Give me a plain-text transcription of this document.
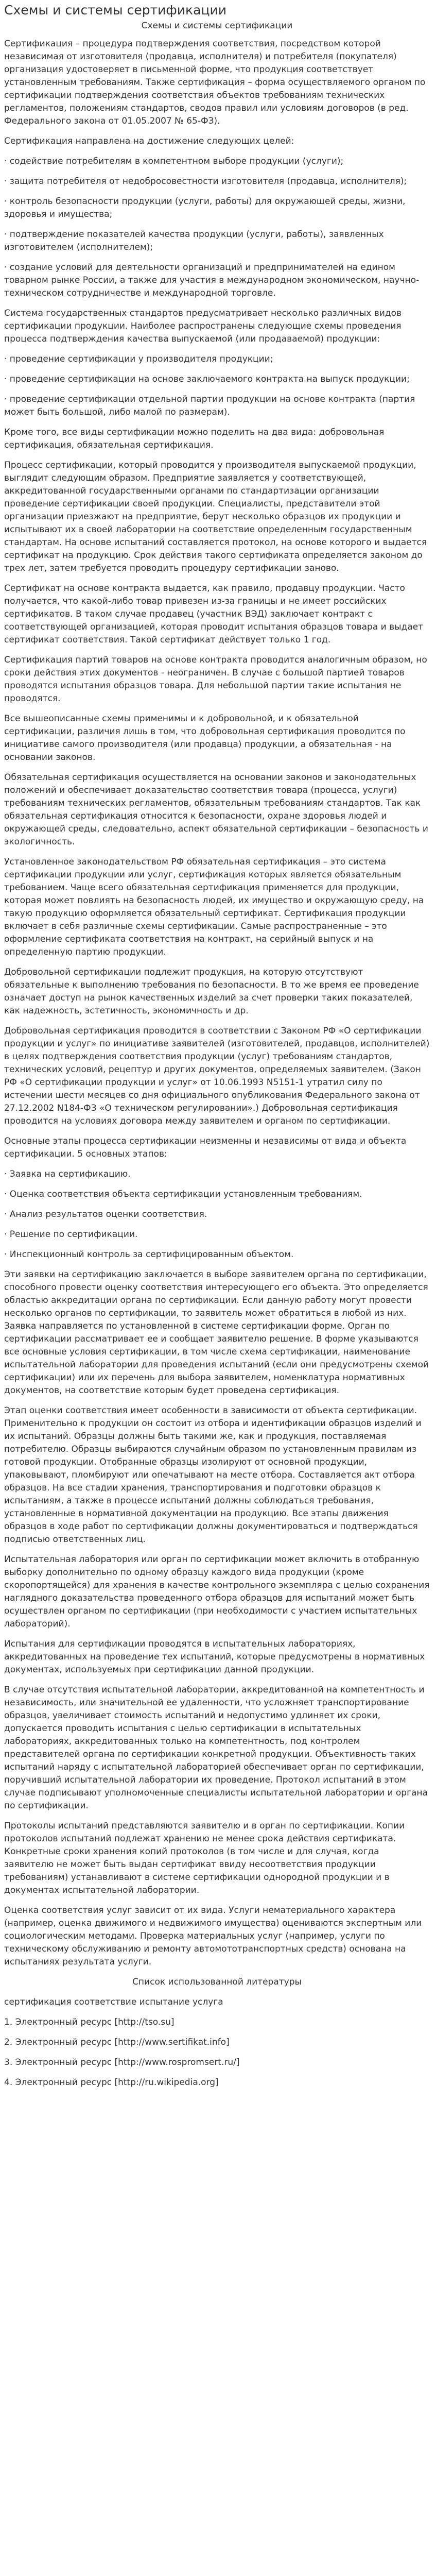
Схемы и системы сертификации

Схемы и системы сертификации

Сертификация – процедура подтверждения соответствия, посредством которой независимая от изготовителя (продавца, исполнителя) и потребителя (покупателя) организация удостоверяет в письменной форме, что продукция соответствует установленным требованиям. Также сертификация – форма осуществляемого органом по сертификации подтверждения соответствия объектов требованиям технических регламентов, положениям стандартов, сводов правил или условиям договоров (в ред. Федерального закона от 01.05.2007 № 65-ФЗ).

Сертификация направлена на достижение следующих целей:

· содействие потребителям в компетентном выборе продукции (услуги);

· защита потребителя от недобросовестности изготовителя (продавца, исполнителя);

· контроль безопасности продукции (услуги, работы) для окружающей среды, жизни, здоровья и имущества;

· подтверждение показателей качества продукции (услуги, работы), заявленных изготовителем (исполнителем);

· создание условий для деятельности организаций и предпринимателей на едином товарном рынке России, а также для участия в международном экономическом, научно-техническом сотрудничестве и международной торговле.

Система государственных стандартов предусматривает несколько различных видов сертификации продукции. Наиболее распространены следующие схемы проведения процесса подтверждения качества выпускаемой (или продаваемой) продукции:

· проведение сертификации у производителя продукции;

· проведение сертификации на основе заключаемого контракта на выпуск продукции;

· проведение сертификации отдельной партии продукции на основе контракта (партия может быть большой, либо малой по размерам).

Кроме того, все виды сертификации можно поделить на два вида: добровольная сертификация, обязательная сертификация.

Процесс сертификации, который проводится у производителя выпускаемой продукции, выглядит следующим образом. Предприятие заявляется у соответствующей, аккредитованной государственными органами по стандартизации организации проведение сертификации своей продукции. Специалисты, представители этой организации приезжают на предприятие, берут несколько образцов их продукции и испытывают их в своей лаборатории на соответствие определенным государственным стандартам. На основе испытаний составляется протокол, на основе которого и выдается сертификат на продукцию. Срок действия такого сертификата определяется законом до трех лет, затем требуется проводить процедуру сертификации заново.

Сертификат на основе контракта выдается, как правило, продавцу продукции. Часто получается, что какой-либо товар привезен из-за границы и не имеет российских сертификатов. В таком случае продавец (участник ВЭД) заключает контракт с соответствующей организацией, которая проводит испытания образцов товара и выдает сертификат соответствия. Такой сертификат действует только 1 год.

Сертификация партий товаров на основе контракта проводится аналогичным образом, но сроки действия этих документов - неограничен. В случае с большой партией товаров проводятся испытания образцов товара. Для небольшой партии такие испытания не проводятся.

Все вышеописанные схемы применимы и к добровольной, и к обязательной сертификации, различия лишь в том, что добровольная сертификация проводится по инициативе самого производителя (или продавца) продукции, а обязательная - на основании законов.

Обязательная сертификация осуществляется на основании законов и законодательных положений и обеспечивает доказательство соответствия товара (процесса, услуги) требованиям технических регламентов, обязательным требованиям стандартов. Так как обязательная сертификация относится к безопасности, охране здоровья людей и окружающей среды, следовательно, аспект обязательной сертификации – безопасность и экологичность.

Установленное законодательством РФ обязательная сертификация – это система сертификации продукции или услуг, сертификация которых является обязательным требованием. Чаще всего обязательная сертификация применяется для продукции, которая может повлиять на безопасность людей, их имущество и окружающую среду, на такую продукцию оформляется обязательный сертификат. Сертификация продукции включает в себя различные схемы сертификации. Самые распространенные – это оформление сертификата соответствия на контракт, на серийный выпуск и на определенную партию продукции.

Добровольной сертификации подлежит продукция, на которую отсутствуют обязательные к выполнению требования по безопасности. В то же время ее проведение означает доступ на рынок качественных изделий за счет проверки таких показателей, как надежность, эстетичность, экономичность и др.

Добровольная сертификация проводится в соответствии с Законом РФ «О сертификации продукции и услуг» по инициативе заявителей (изготовителей, продавцов, исполнителей) в целях подтверждения соответствия продукции (услуг) требованиям стандартов, технических условий, рецептур и других документов, определяемых заявителем. (Закон РФ «О сертификации продукции и услуг» от 10.06.1993 N5151-1 утратил силу по истечении шести месяцев со дня официального опубликования Федерального закона от 27.12.2002 N184-ФЗ «О техническом регулировании».) Добровольная сертификация проводится на условиях договора между заявителем и органом по сертификации.

Основные этапы процесса сертификации неизменны и независимы от вида и объекта сертификации. 5 основных этапов:

· Заявка на сертификацию.

· Оценка соответствия объекта сертификации установленным требованиям.

· Анализ результатов оценки соответствия.

· Решение по сертификации.

· Инспекционный контроль за сертифицированным объектом.

Эти заявки на сертификацию заключается в выборе заявителем органа по сертификации, способного провести оценку соответствия интересующего его объекта. Это определяется областью аккредитации органа по сертификации. Если данную работу могут провести несколько органов по сертификации, то заявитель может обратиться в любой из них. Заявка направляется по установленной в системе сертификации форме. Орган по сертификации рассматривает ее и сообщает заявителю решение. В форме указываются все основные условия сертификации, в том числе схема сертификации, наименование испытательной лаборатории для проведения испытаний (если они предусмотрены схемой сертификации) или их перечень для выбора заявителем, номенклатура нормативных документов, на соответствие которым будет проведена сертификация.

Этап оценки соответствия имеет особенности в зависимости от объекта сертификации. Применительно к продукции он состоит из отбора и идентификации образцов изделий и их испытаний. Образцы должны быть такими же, как и продукция, поставляемая потребителю. Образцы выбираются случайным образом по установленным правилам из готовой продукции. Отобранные образцы изолируют от основной продукции, упаковывают, пломбируют или опечатывают на месте отбора. Составляется акт отбора образцов. На все стадии хранения, транспортирования и подготовки образцов к испытаниям, а также в процессе испытаний должны соблюдаться требования, установленные в нормативной документации на продукцию. Все этапы движения образцов в ходе работ по сертификации должны документироваться и подтверждаться подписью ответственных лиц.

Испытательная лаборатория или орган по сертификации может включить в отобранную выборку дополнительно по одному образцу каждого вида продукции (кроме скоропортящейся) для хранения в качестве контрольного экземпляра с целью сохранения наглядного доказательства проведенного отбора образцов для испытаний может быть осуществлен органом по сертификации (при необходимости с участием испытательных лабораторий).

Испытания для сертификации проводятся в испытательных лабораториях, аккредитованных на проведение тех испытаний, которые предусмотрены в нормативных документах, используемых при сертификации данной продукции.

В случае отсутствия испытательной лаборатории, аккредитованной на компетентность и независимость, или значительной ее удаленности, что усложняет транспортирование образцов, увеличивает стоимость испытаний и недопустимо удлиняет их сроки, допускается проводить испытания с целью сертификации в испытательных лабораториях, аккредитованных только на компетентность, под контролем представителей органа по сертификации конкретной продукции. Объективность таких испытаний наряду с испытательной лабораторией обеспечивает орган по сертификации, поручивший испытательной лаборатории их проведение. Протокол испытаний в этом случае подписывают уполномоченные специалисты испытательной лаборатории и органа по сертификации.

Протоколы испытаний представляются заявителю и в орган по сертификации. Копии протоколов испытаний подлежат хранению не менее срока действия сертификата. Конкретные сроки хранения копий протоколов (в том числе и для случая, когда заявителю не может быть выдан сертификат ввиду несоответствия продукции требованиям) устанавливают в системе сертификации однородной продукции и в документах испытательной лаборатории.

Оценка соответствия услуг зависит от их вида. Услуги нематериального характера (например, оценка движимого и недвижимого имущества) оцениваются экспертным или социологическим методами. Проверка материальных услуг (например, услуги по техническому обслуживанию и ремонту автомототранспортных средств) основана на испытаниях результата услуги.

Список использованной литературы

сертификация соответствие испытание услуга

1. Электронный ресурс [http://tso.su]

2. Электронный ресурс [http://www.sertifikat.info]

3. Электронный ресурс [http://www.rospromsert.ru/]

4. Электронный ресурс [http://ru.wikipedia.org]
